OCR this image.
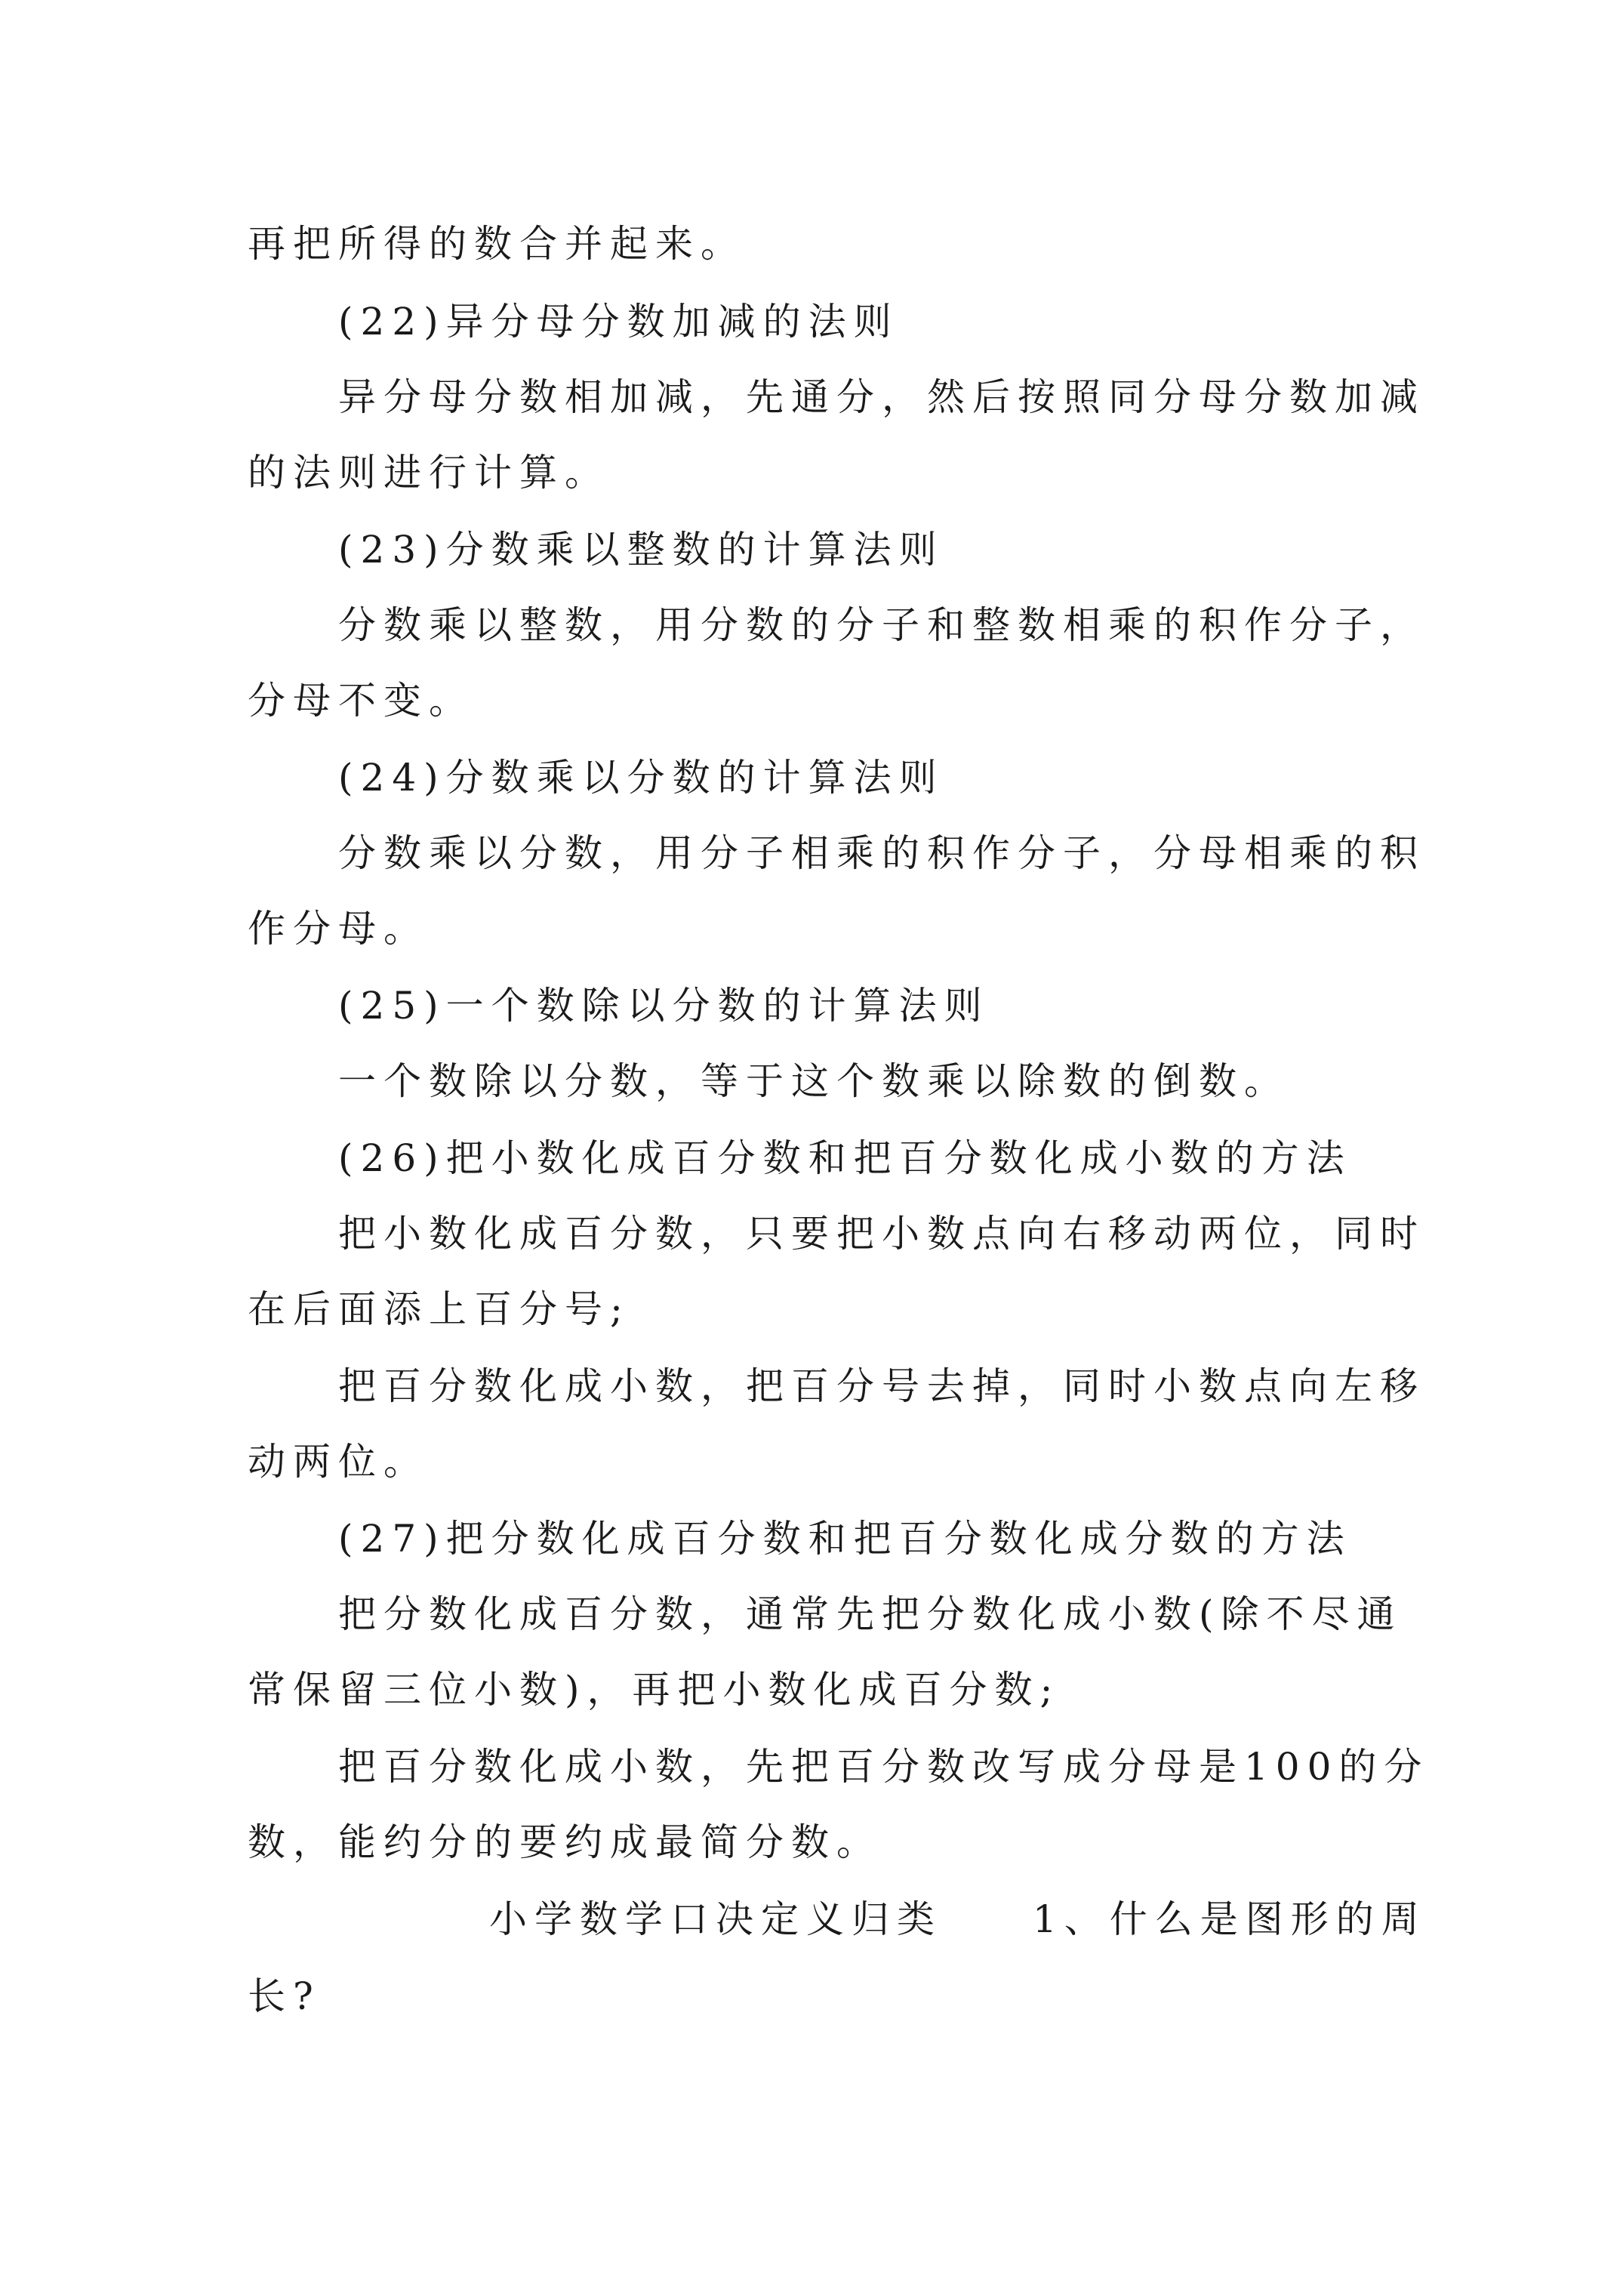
再把所得的数合并起来。

(22)异分母分数加减的法则

异分母分数相加减，先通分，然后按照同分母分数加减

的法则进行计算。

(23)分数乘以整数的计算法则

分数乘以整数，用分数的分子和整数相乘的积作分子，

分母不变。

(24)分数乘以分数的计算法则

分数乘以分数，用分子相乘的积作分子，分母相乘的积

作分母。

(25)一个数除以分数的计算法则

一个数除以分数，等于这个数乘以除数的倒数。

(26)把小数化成百分数和把百分数化成小数的方法

把小数化成百分数，只要把小数点向右移动两位，同时

在后面添上百分号;

把百分数化成小数，把百分号去掉，同时小数点向左移

动两位。

(27)把分数化成百分数和把百分数化成分数的方法

把分数化成百分数，通常先把分数化成小数(除不尽通

常保留三位小数)，再把小数化成百分数;

把百分数化成小数，先把百分数改写成分母是100的分

数，能约分的要约成最简分数。

小学数学口决定义归类　　1、什么是图形的周

长?
